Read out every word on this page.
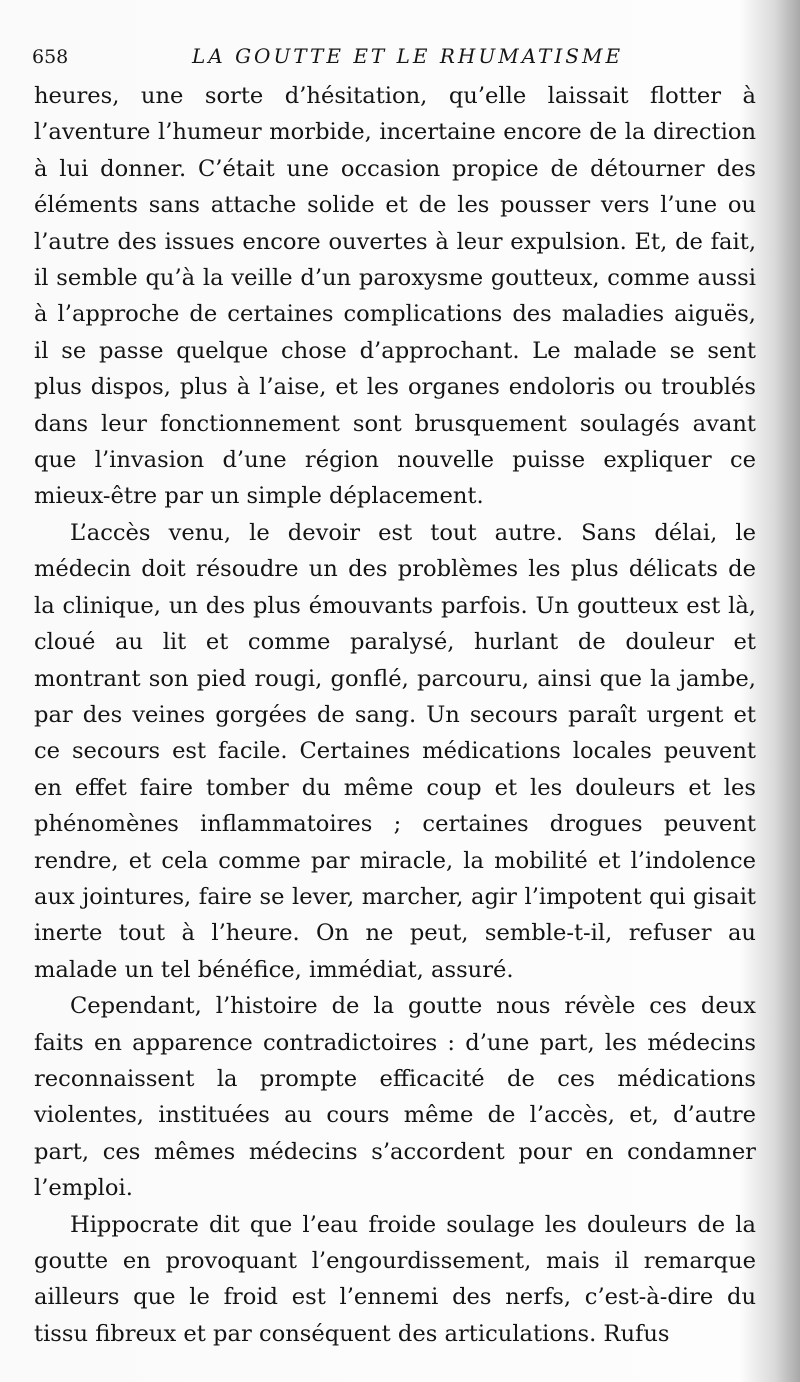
658	LA GOUTTE ET LE RHUMATISME

heures, une sorte d’hésitation, qu’elle laissait flotter à l’aventure l’humeur morbide, incertaine encore de la direction à lui donner. C’était une occasion propice de détourner des éléments sans attache solide et de les pousser vers l’une ou l’autre des issues encore ouvertes à leur expulsion. Et, de fait, il semble qu’à la veille d’un paroxysme goutteux, comme aussi à l’approche de certaines complications des maladies aiguës, il se passe quelque chose d’approchant. Le malade se sent plus dispos, plus à l’aise, et les organes endoloris ou troublés dans leur fonctionnement sont brusquement soulagés avant que l’invasion d’une région nouvelle puisse expliquer ce mieux-être par un simple déplacement.

L’accès venu, le devoir est tout autre. Sans délai, le médecin doit résoudre un des problèmes les plus délicats de la clinique, un des plus émouvants parfois. Un goutteux est là, cloué au lit et comme paralysé, hurlant de douleur et montrant son pied rougi, gonflé, parcouru, ainsi que la jambe, par des veines gorgées de sang. Un secours paraît urgent et ce secours est facile. Certaines médications locales peuvent en effet faire tomber du même coup et les douleurs et les phénomènes inflammatoires ; certaines drogues peuvent rendre, et cela comme par miracle, la mobilité et l’indolence aux jointures, faire se lever, marcher, agir l’impotent qui gisait inerte tout à l’heure. On ne peut, semble-t-il, refuser au malade un tel bénéfice, immédiat, assuré.

Cependant, l’histoire de la goutte nous révèle ces deux faits en apparence contradictoires : d’une part, les médecins reconnaissent la prompte efficacité de ces médications violentes, instituées au cours même de l’accès, et, d’autre part, ces mêmes médecins s’accordent pour en condamner l’emploi.

Hippocrate dit que l’eau froide soulage les douleurs de la goutte en provoquant l’engourdissement, mais il remarque ailleurs que le froid est l’ennemi des nerfs, c’est-à-dire du tissu fibreux et par conséquent des articulations. Rufus
